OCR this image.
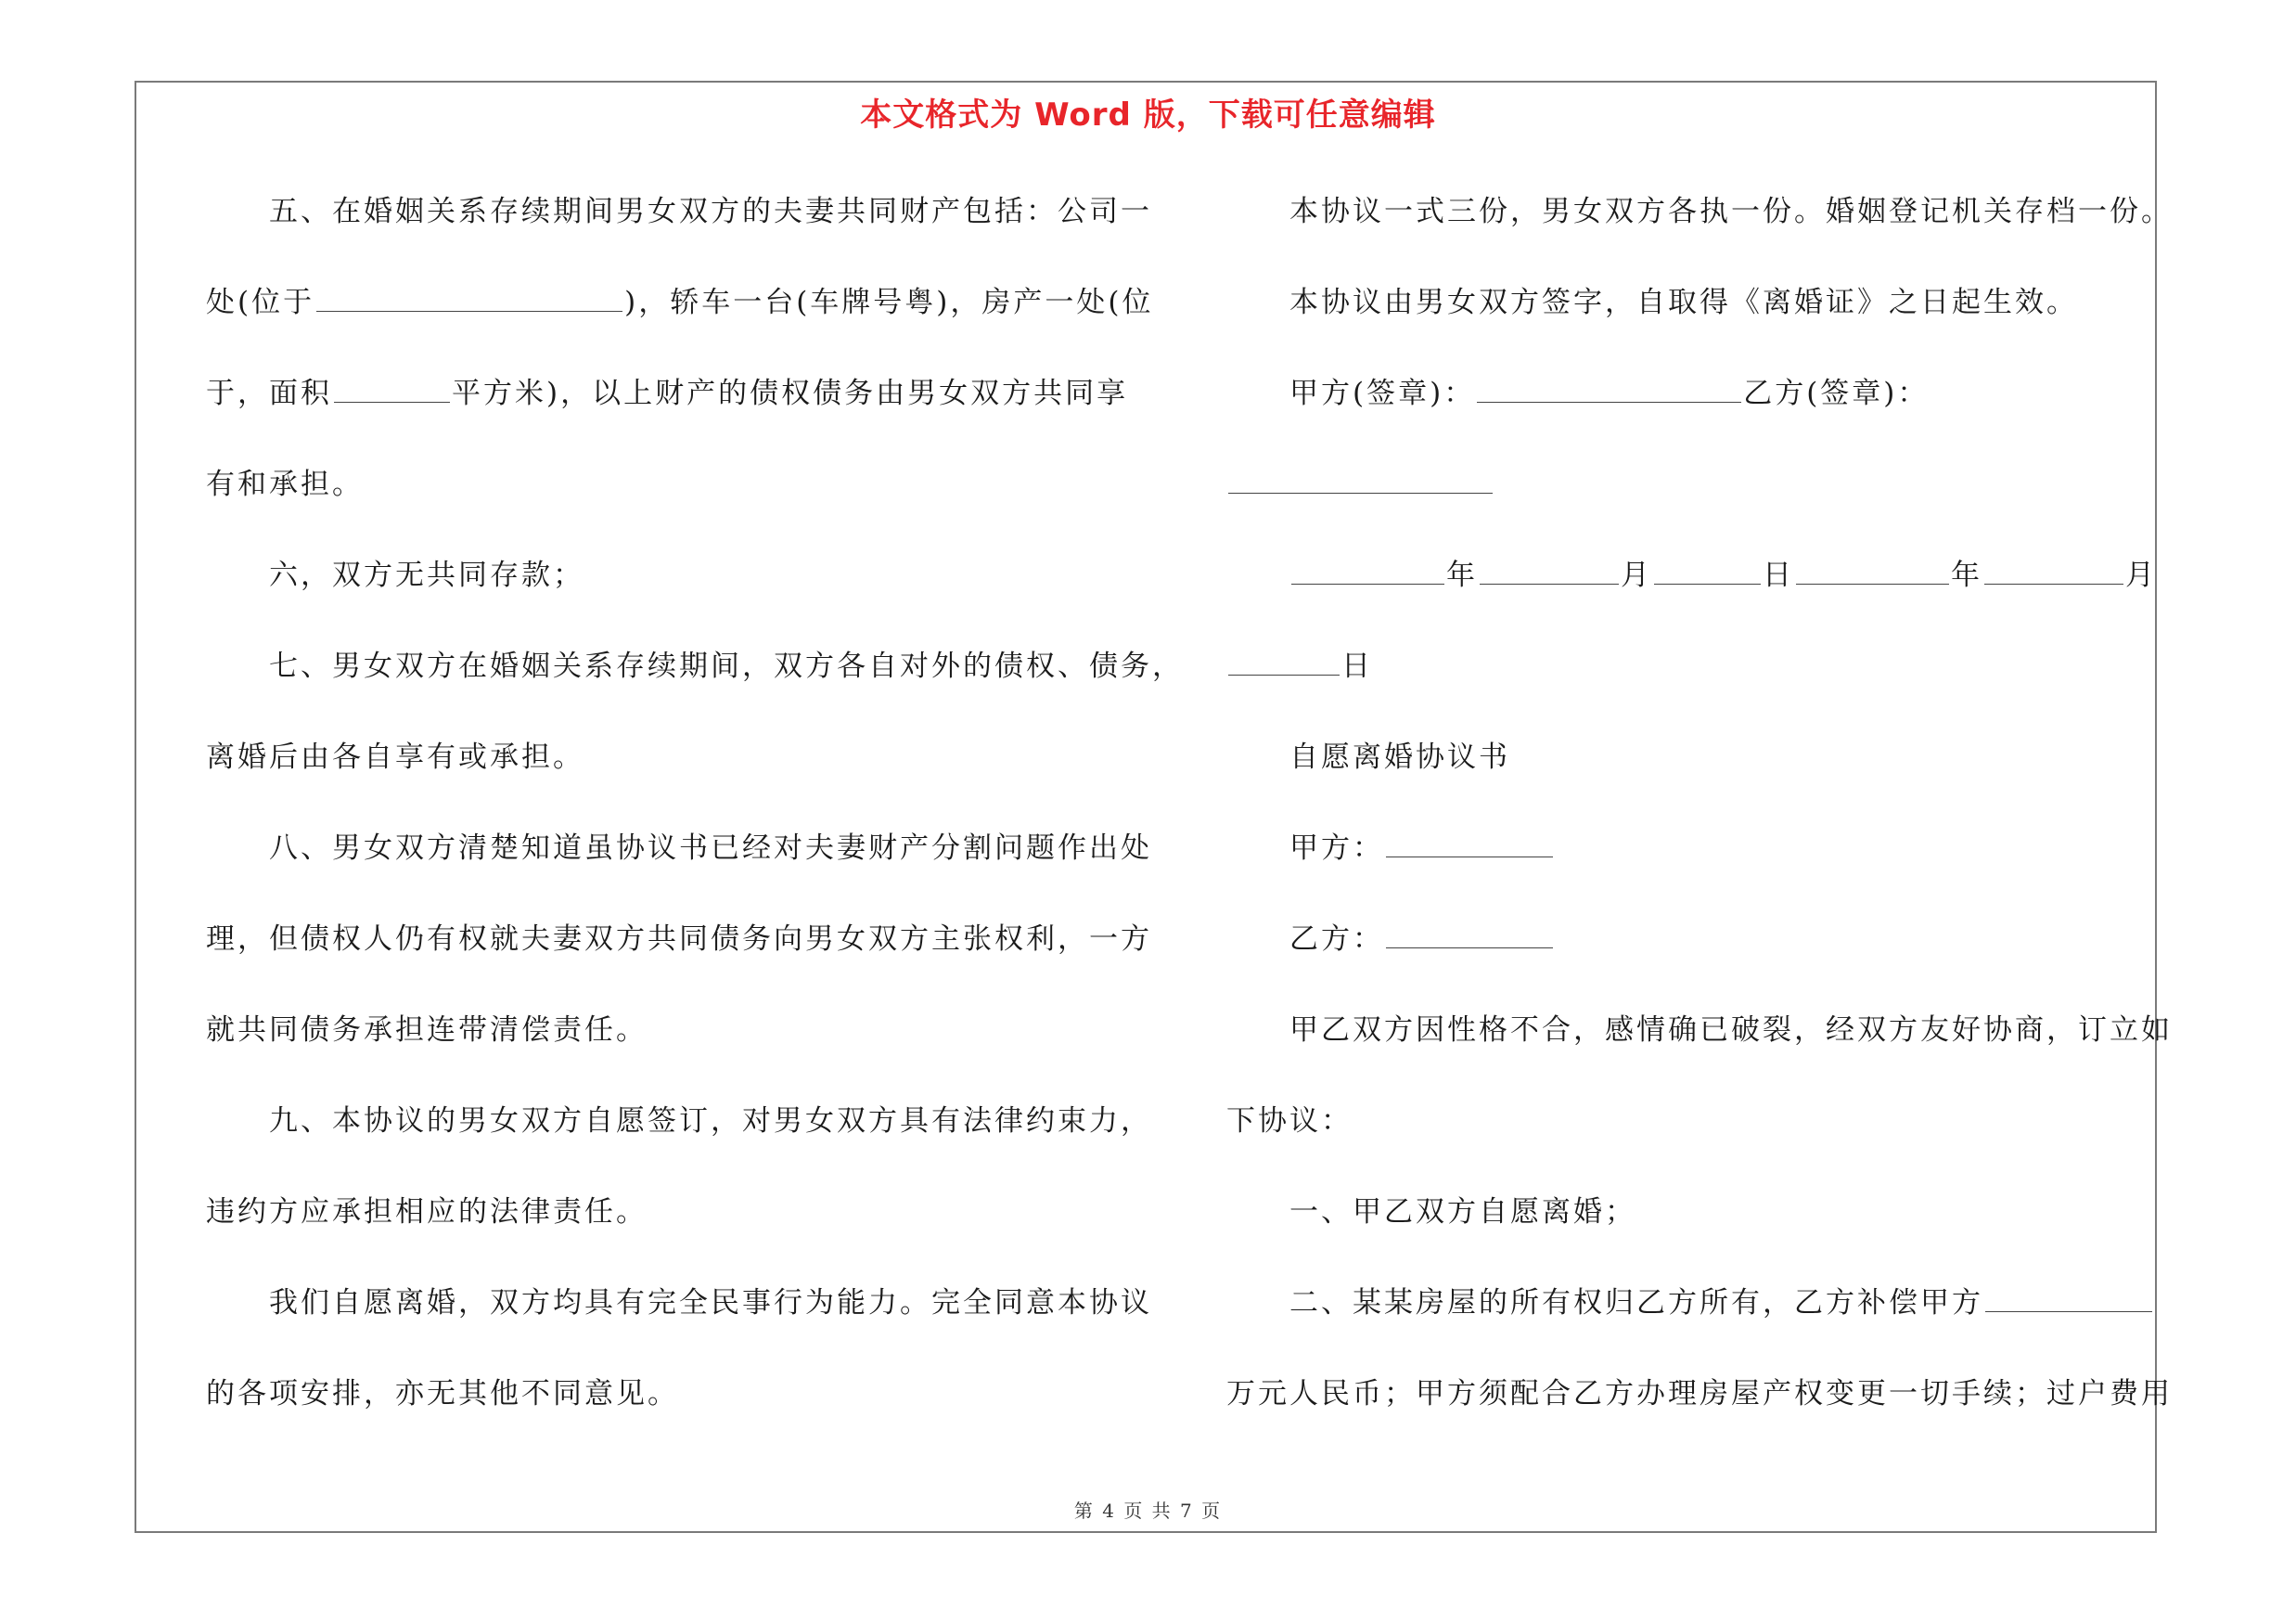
本文格式为 Word 版，下载可任意编辑
五、在婚姻关系存续期间男女双方的夫妻共同财产包括：公司一
处(位于	)，轿车一台(车牌号粤)，房产一处(位
于，面积	平方米)，以上财产的债权债务由男女双方共同享
有和承担。
六，双方无共同存款；
七、男女双方在婚姻关系存续期间，双方各自对外的债权、债务，
离婚后由各自享有或承担。
八、男女双方清楚知道虽协议书已经对夫妻财产分割问题作出处
理，但债权人仍有权就夫妻双方共同债务向男女双方主张权利，一方
就共同债务承担连带清偿责任。
九、本协议的男女双方自愿签订，对男女双方具有法律约束力，
违约方应承担相应的法律责任。
我们自愿离婚，双方均具有完全民事行为能力。完全同意本协议
的各项安排，亦无其他不同意见。
本协议一式三份，男女双方各执一份。婚姻登记机关存档一份。
本协议由男女双方签字，自取得《离婚证》之日起生效。
甲方(签章)：	乙方(签章)：
年	月	日	年	月
日
自愿离婚协议书
甲方：
乙方：
甲乙双方因性格不合，感情确已破裂，经双方友好协商，订立如
下协议：
一、甲乙双方自愿离婚；
二、某某房屋的所有权归乙方所有，乙方补偿甲方
万元人民币；甲方须配合乙方办理房屋产权变更一切手续；过户费用
第 4 页 共 7 页
